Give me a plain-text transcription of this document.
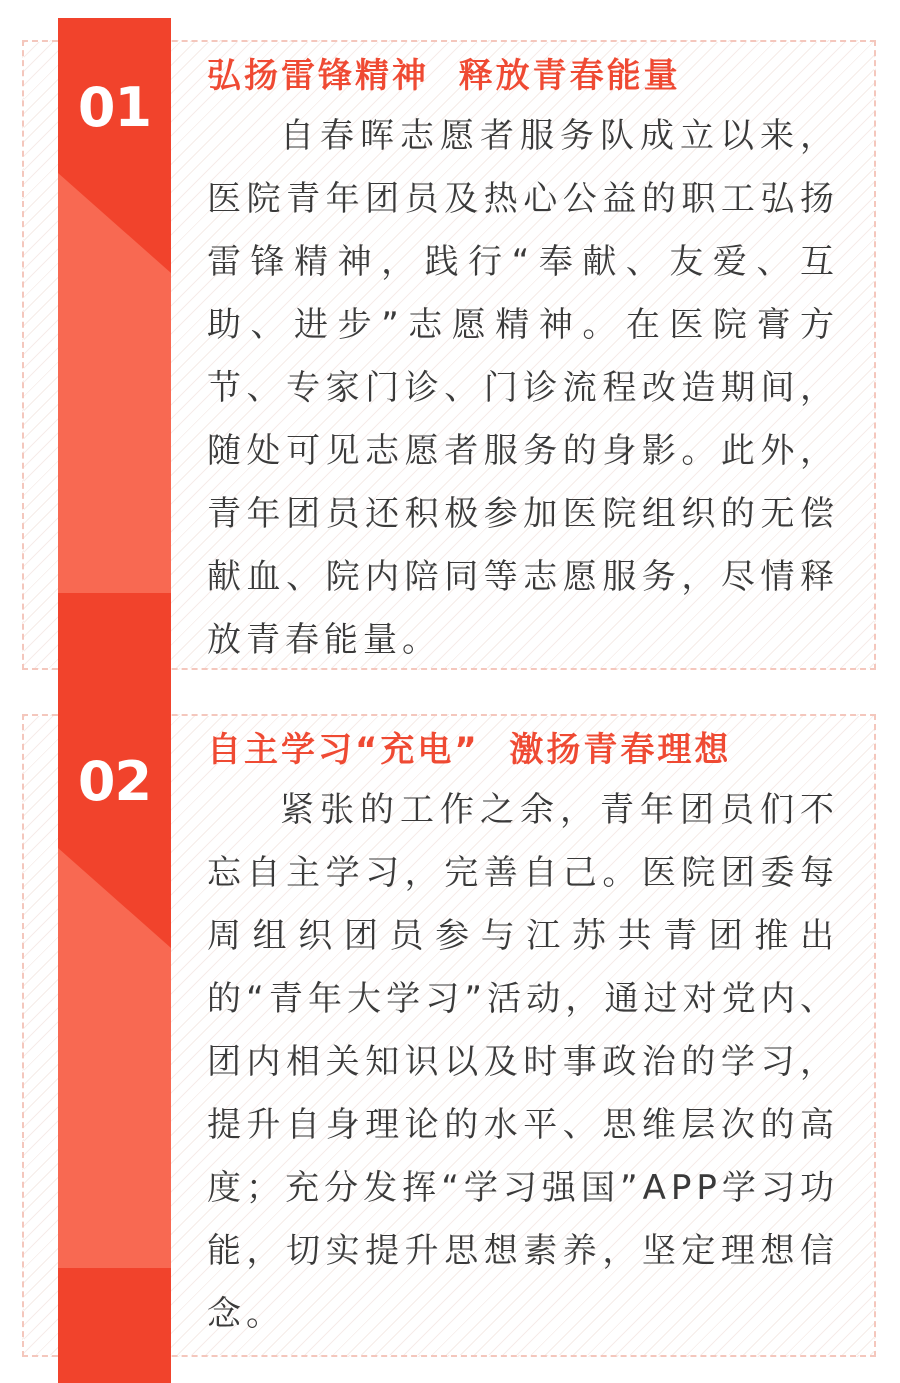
01
02
弘扬雷锋精神  释放青春能量

自春晖志愿者服务队成立以来，医院青年团员及热心公益的职工弘扬雷锋精神，践行“奉献、友爱、互助、进步”志愿精神。在医院膏方节、专家门诊、门诊流程改造期间，随处可见志愿者服务的身影。此外，青年团员还积极参加医院组织的无偿献血、院内陪同等志愿服务，尽情释放青春能量。

自主学习“充电”  激扬青春理想

紧张的工作之余，青年团员们不忘自主学习，完善自己。医院团委每周组织团员参与江苏共青团推出的“青年大学习”活动，通过对党内、团内相关知识以及时事政治的学习，提升自身理论的水平、思维层次的高度；充分发挥“学习强国”APP学习功能，切实提升思想素养，坚定理想信念。
